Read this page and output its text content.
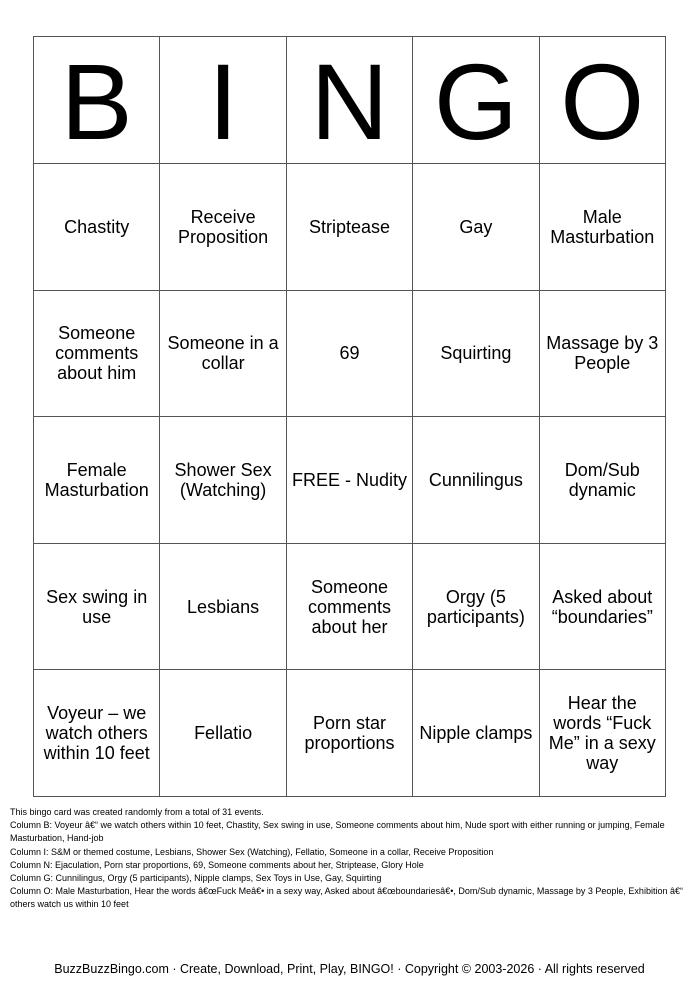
B	I	N	G	O
Chastity	Receive Proposition	Striptease	Gay	Male Masturbation
Someone comments about him	Someone in a collar	69	Squirting	Massage by 3 People
Female Masturbation	Shower Sex (Watching)	FREE - Nudity	Cunnilingus	Dom/Sub dynamic
Sex swing in use	Lesbians	Someone comments about her	Orgy (5 participants)	Asked about “boundaries”
Voyeur – we watch others within 10 feet	Fellatio	Porn star proportions	Nipple clamps	Hear the words “Fuck Me” in a sexy way
This bingo card was created randomly from a total of 31 events.
Column B: Voyeur â€“ we watch others within 10 feet, Chastity, Sex swing in use, Someone comments about him, Nude sport with either running or jumping, Female Masturbation, Hand-job
Column I: S&M or themed costume, Lesbians, Shower Sex (Watching), Fellatio, Someone in a collar, Receive Proposition
Column N: Ejaculation, Porn star proportions, 69, Someone comments about her, Striptease, Glory Hole
Column G: Cunnilingus, Orgy (5 participants), Nipple clamps, Sex Toys in Use, Gay, Squirting
Column O: Male Masturbation, Hear the words â€œFuck Meâ€• in a sexy way, Asked about â€œboundariesâ€•, Dom/Sub dynamic, Massage by 3 People, Exhibition â€“ others watch us within 10 feet
BuzzBuzzBingo.com · Create, Download, Print, Play, BINGO! · Copyright © 2003-2026 · All rights reserved
